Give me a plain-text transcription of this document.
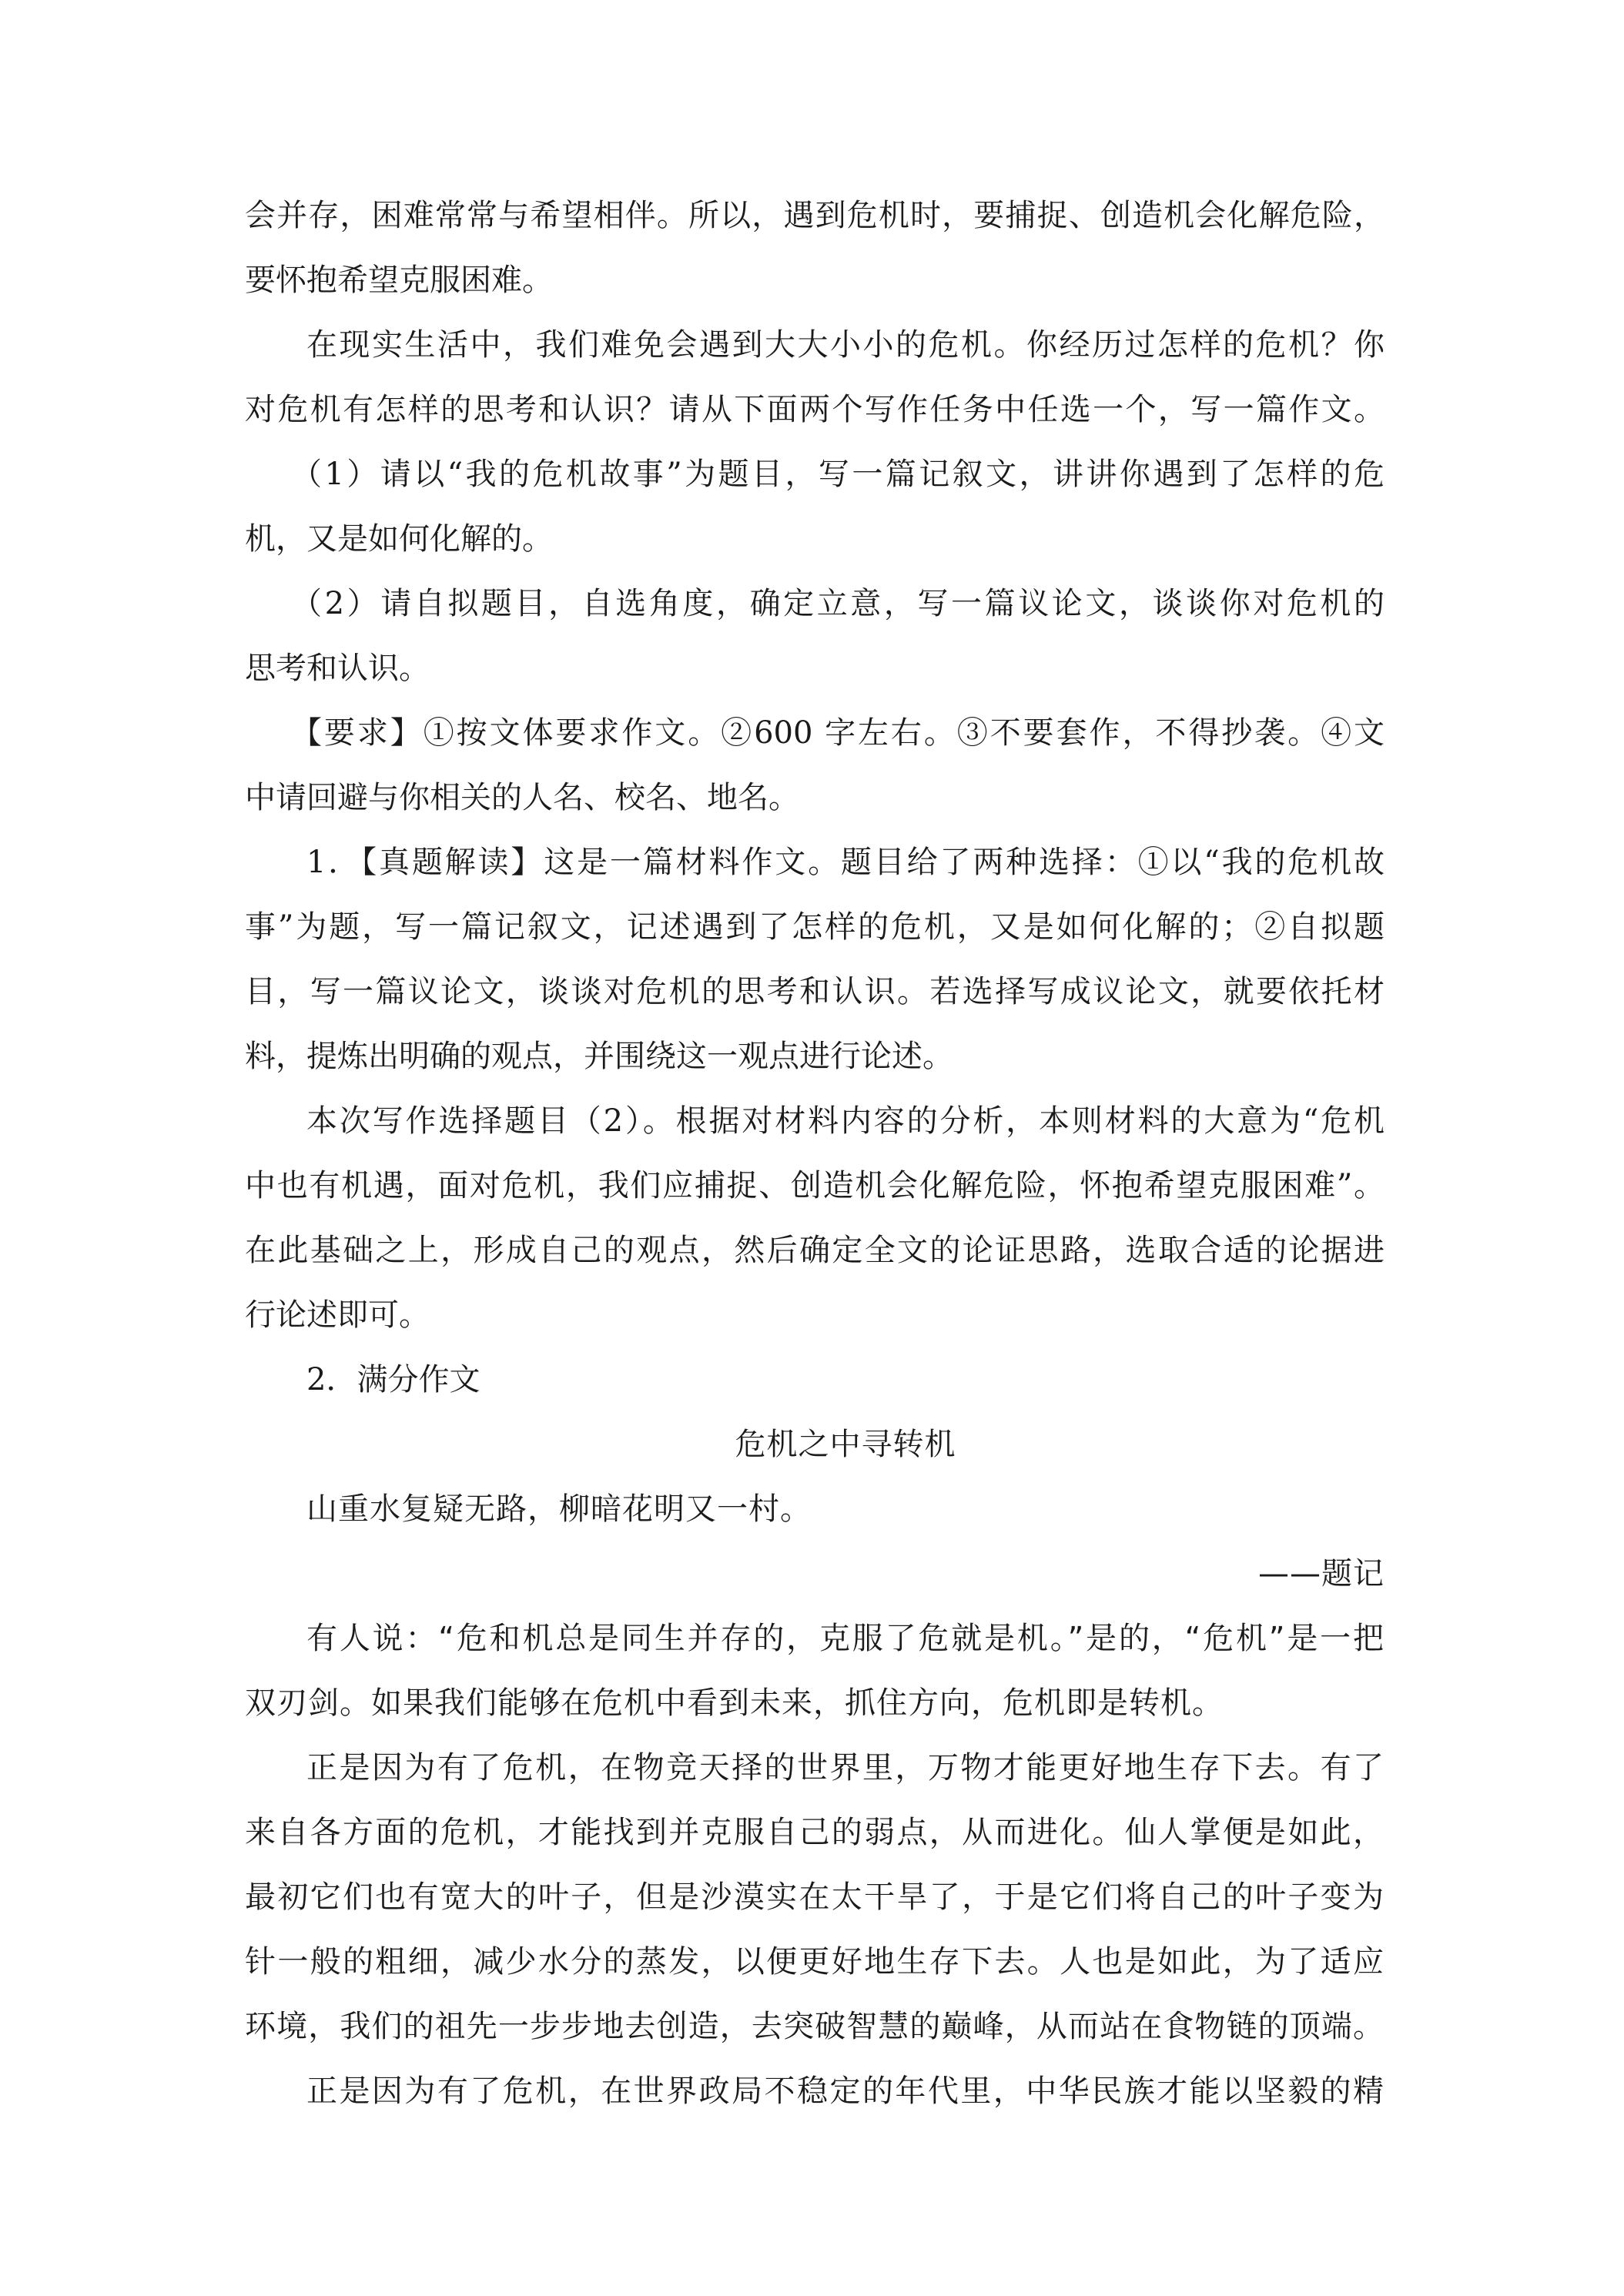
会并存，困难常常与希望相伴。所以，遇到危机时，要捕捉、创造机会化解危险，
要怀抱希望克服困难。
在现实生活中，我们难免会遇到大大小小的危机。你经历过怎样的危机？你
对危机有怎样的思考和认识？请从下面两个写作任务中任选一个，写一篇作文。
（1）请以“我的危机故事”为题目，写一篇记叙文，讲讲你遇到了怎样的危
机，又是如何化解的。
（2）请自拟题目，自选角度，确定立意，写一篇议论文，谈谈你对危机的
思考和认识。
【要求】①按文体要求作文。②600 字左右。③不要套作，不得抄袭。④文
中请回避与你相关的人名、校名、地名。
1．【真题解读】这是一篇材料作文。题目给了两种选择：①以“我的危机故
事”为题，写一篇记叙文，记述遇到了怎样的危机，又是如何化解的；②自拟题
目，写一篇议论文，谈谈对危机的思考和认识。若选择写成议论文，就要依托材
料，提炼出明确的观点，并围绕这一观点进行论述。
本次写作选择题目（2）。根据对材料内容的分析，本则材料的大意为“危机
中也有机遇，面对危机，我们应捕捉、创造机会化解危险，怀抱希望克服困难”。
在此基础之上，形成自己的观点，然后确定全文的论证思路，选取合适的论据进
行论述即可。
2．满分作文
危机之中寻转机
山重水复疑无路，柳暗花明又一村。
——题记
有人说：“危和机总是同生并存的，克服了危就是机。”是的，“危机”是一把
双刃剑。如果我们能够在危机中看到未来，抓住方向，危机即是转机。
正是因为有了危机，在物竞天择的世界里，万物才能更好地生存下去。有了
来自各方面的危机，才能找到并克服自己的弱点，从而进化。仙人掌便是如此，
最初它们也有宽大的叶子，但是沙漠实在太干旱了，于是它们将自己的叶子变为
针一般的粗细，减少水分的蒸发，以便更好地生存下去。人也是如此，为了适应
环境，我们的祖先一步步地去创造，去突破智慧的巅峰，从而站在食物链的顶端。
正是因为有了危机，在世界政局不稳定的年代里，中华民族才能以坚毅的精
